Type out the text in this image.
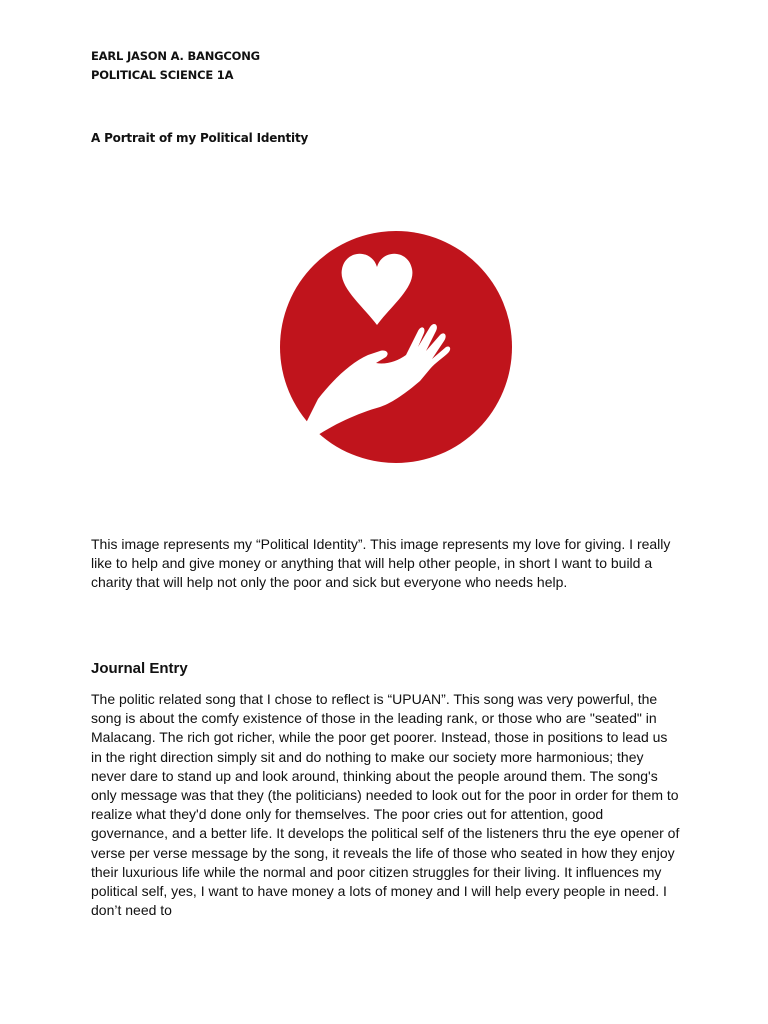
EARL JASON A. BANGCONG
POLITICAL SCIENCE 1A
A Portrait of my Political Identity

This image represents my “Political Identity”. This image represents my love for giving. I really like to help and give money or anything that will help other people, in short I want to build a charity that will help not only the poor and sick but everyone who needs help.

Journal Entry

The politic related song that I chose to reflect is “UPUAN”. This song was very powerful, the song is about the comfy existence of those in the leading rank, or those who are "seated" in Malacang. The rich got richer, while the poor get poorer. Instead, those in positions to lead us in the right direction simply sit and do nothing to make our society more harmonious; they never dare to stand up and look around, thinking about the people around them. The song's only message was that they (the politicians) needed to look out for the poor in order for them to realize what they'd done only for themselves. The poor cries out for attention, good governance, and a better life. It develops the political self of the listeners thru the eye opener of verse per verse message by the song, it reveals the life of those who seated in how they enjoy their luxurious life while the normal and poor citizen struggles for their living. It influences my political self, yes, I want to have money a lots of money and I will help every people in need. I don’t need to
